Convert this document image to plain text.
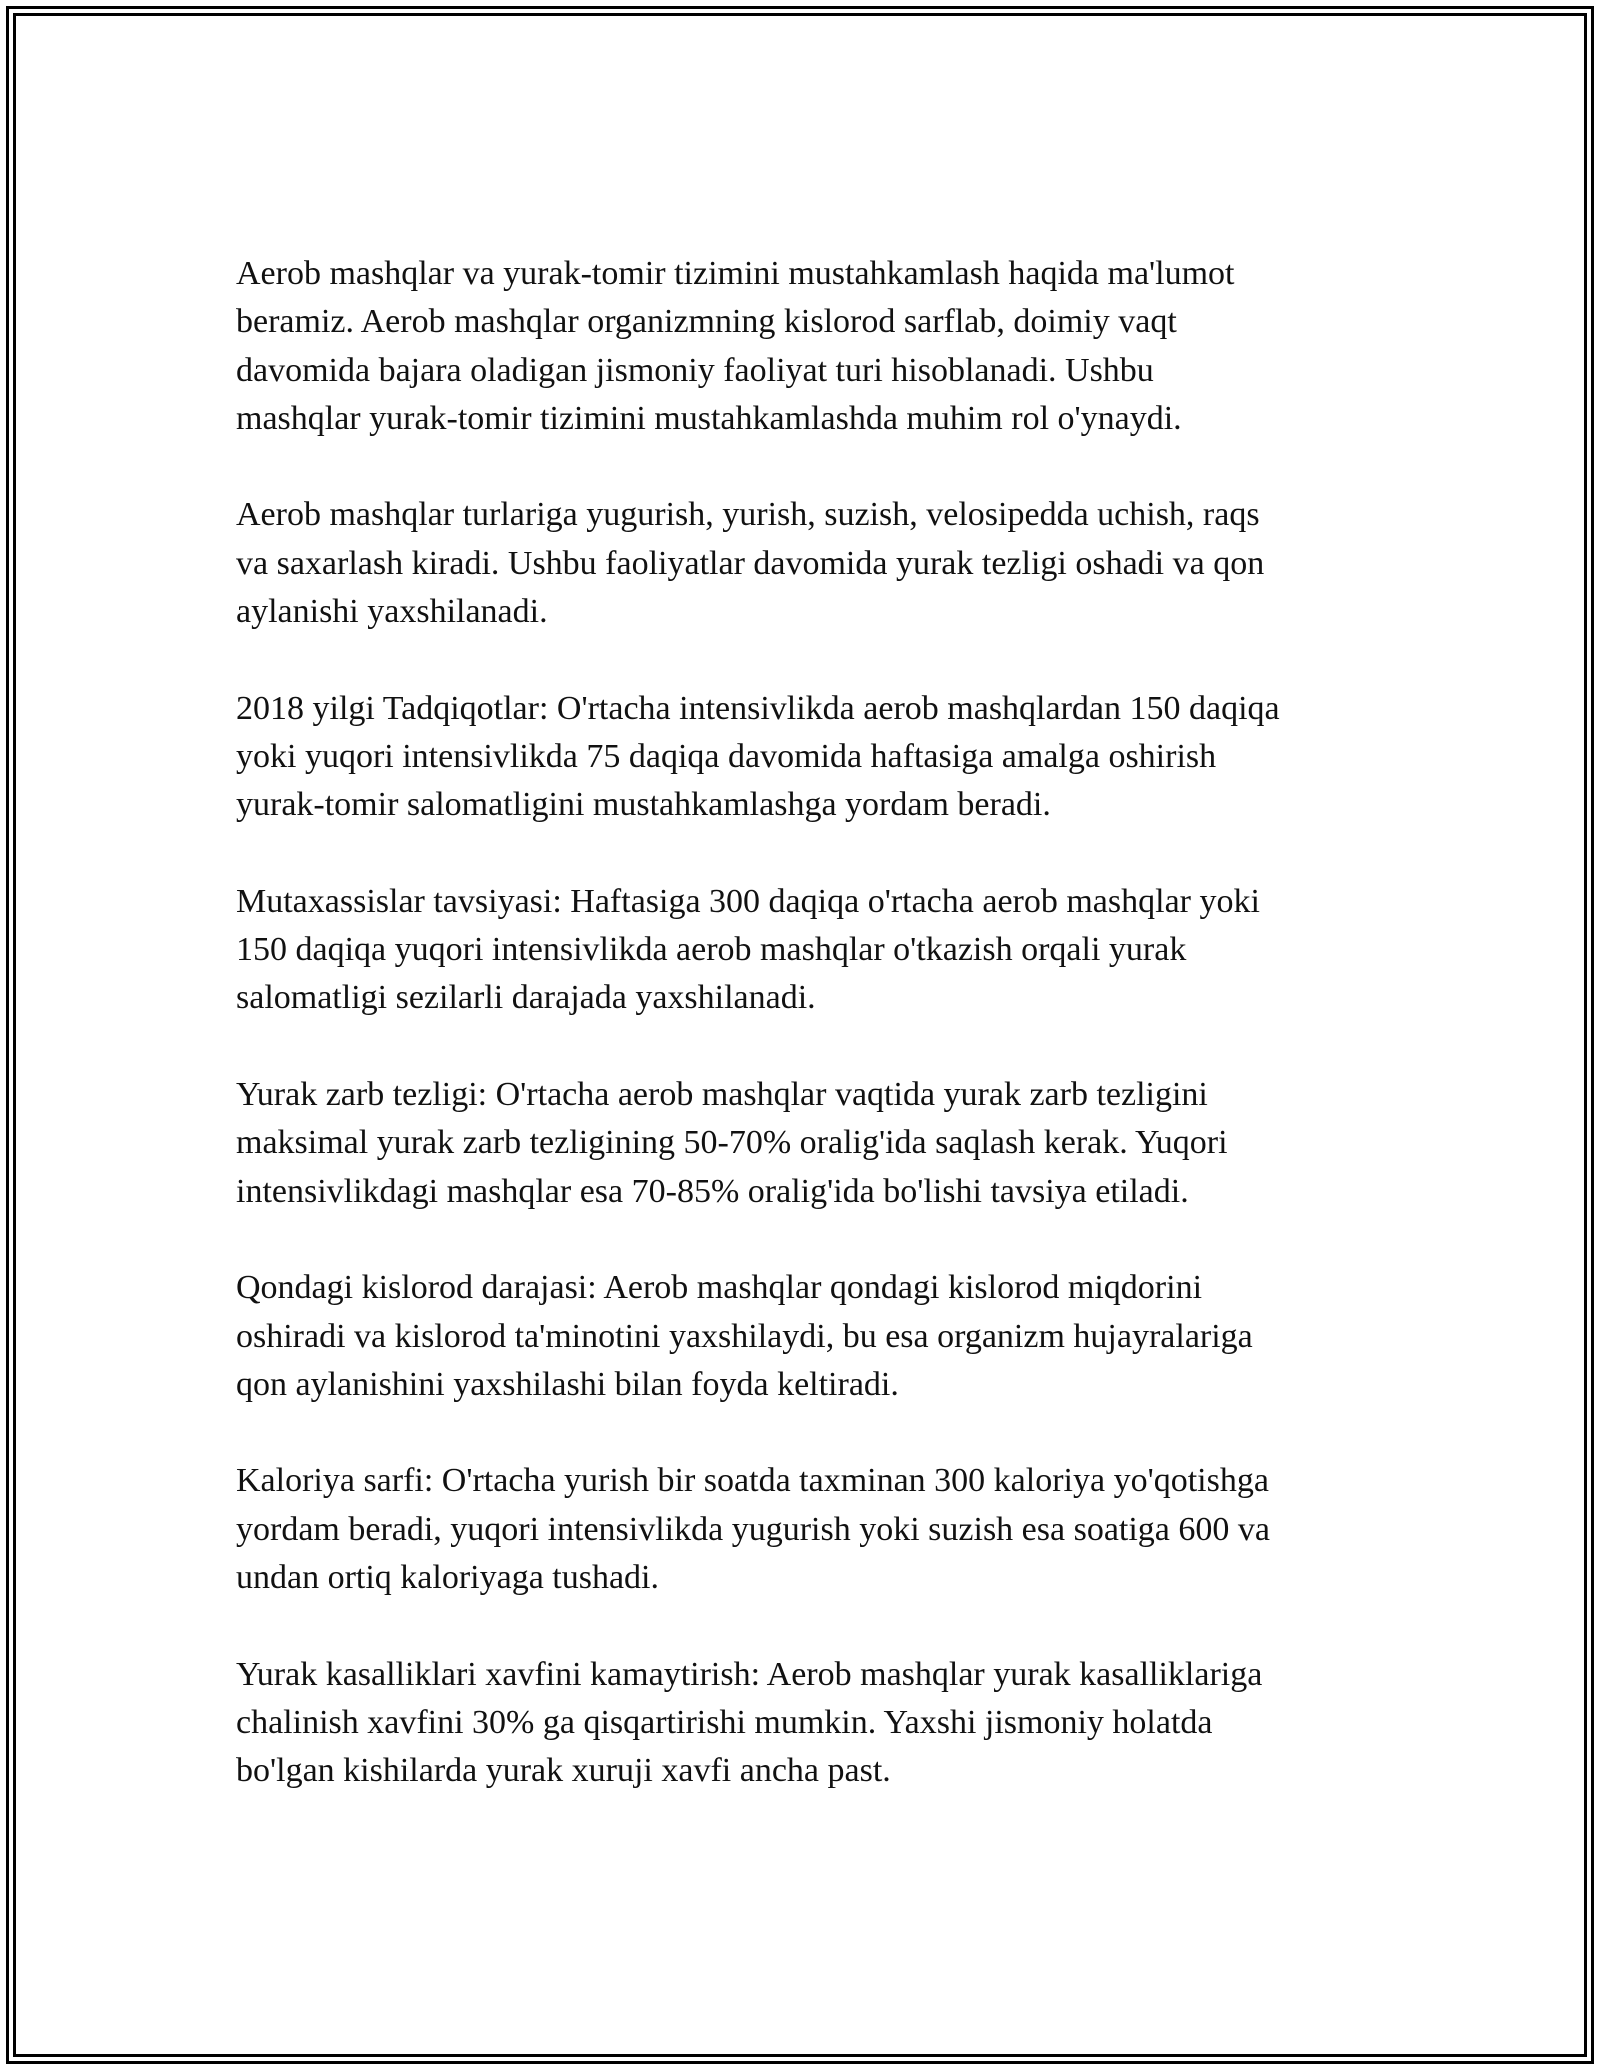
Aerob mashqlar va yurak-tomir tizimini mustahkamlash haqida ma'lumot
beramiz. Aerob mashqlar organizmning kislorod sarflab, doimiy vaqt
davomida bajara oladigan jismoniy faoliyat turi hisoblanadi. Ushbu
mashqlar yurak-tomir tizimini mustahkamlashda muhim rol o'ynaydi.

Aerob mashqlar turlariga yugurish, yurish, suzish, velosipedda uchish, raqs
va saxarlash kiradi. Ushbu faoliyatlar davomida yurak tezligi oshadi va qon
aylanishi yaxshilanadi.

2018 yilgi Tadqiqotlar: O'rtacha intensivlikda aerob mashqlardan 150 daqiqa
yoki yuqori intensivlikda 75 daqiqa davomida haftasiga amalga oshirish
yurak-tomir salomatligini mustahkamlashga yordam beradi.

Mutaxassislar tavsiyasi: Haftasiga 300 daqiqa o'rtacha aerob mashqlar yoki
150 daqiqa yuqori intensivlikda aerob mashqlar o'tkazish orqali yurak
salomatligi sezilarli darajada yaxshilanadi.

Yurak zarb tezligi: O'rtacha aerob mashqlar vaqtida yurak zarb tezligini
maksimal yurak zarb tezligining 50-70% oralig'ida saqlash kerak. Yuqori
intensivlikdagi mashqlar esa 70-85% oralig'ida bo'lishi tavsiya etiladi.

Qondagi kislorod darajasi: Aerob mashqlar qondagi kislorod miqdorini
oshiradi va kislorod ta'minotini yaxshilaydi, bu esa organizm hujayralariga
qon aylanishini yaxshilashi bilan foyda keltiradi.

Kaloriya sarfi: O'rtacha yurish bir soatda taxminan 300 kaloriya yo'qotishga
yordam beradi, yuqori intensivlikda yugurish yoki suzish esa soatiga 600 va
undan ortiq kaloriyaga tushadi.

Yurak kasalliklari xavfini kamaytirish: Aerob mashqlar yurak kasalliklariga
chalinish xavfini 30% ga qisqartirishi mumkin. Yaxshi jismoniy holatda
bo'lgan kishilarda yurak xuruji xavfi ancha past.
